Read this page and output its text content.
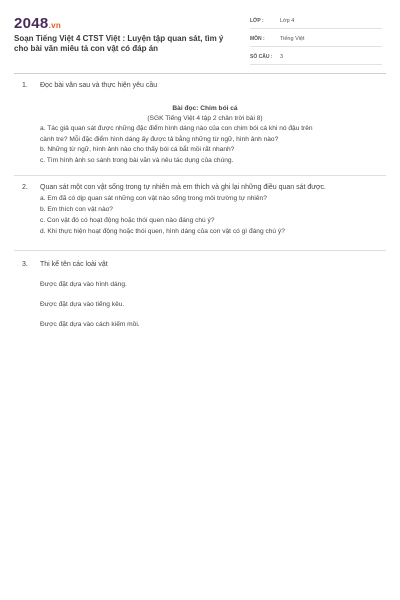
2048.vn
Soạn Tiếng Việt 4 CTST Việt : Luyện tập quan sát, tìm ý cho bài văn miêu tả con vật có đáp án
LỚP :	Lớp 4
MÔN :	Tiếng Việt
SỐ CÂU :	3
1. Đọc bài văn sau và thực hiện yêu cầu
Bài đọc: Chim bói cá
(SGK Tiếng Việt 4 tập 2 chân trời bài 8)
a. Tác giả quan sát được những đặc điểm hình dáng nào của con chim bói cá khi nó đậu trên
cành tre? Mỗi đặc điểm hình dáng ấy được tả bằng những từ ngữ, hình ảnh nào?
b. Những từ ngữ, hình ảnh nào cho thấy bói cá bắt mồi rất nhanh?
c. Tìm hình ảnh so sánh trong bài văn và nêu tác dụng của chúng.
2. Quan sát một con vật sống trong tự nhiên mà em thích và ghi lại những điều quan sát được.
a. Em đã có dịp quan sát những con vật nào sống trong môi trường tự nhiên?
b. Em thích con vật nào?
c. Con vật đó có hoạt động hoặc thói quen nào đáng chú ý?
d. Khi thực hiện hoạt động hoặc thói quen, hình dáng của con vật có gì đáng chú ý?
3. Thi kể tên các loài vật
Được đặt dựa vào hình dáng.
Được đặt dựa vào tiếng kêu.
Được đặt dựa vào cách kiếm mồi.
